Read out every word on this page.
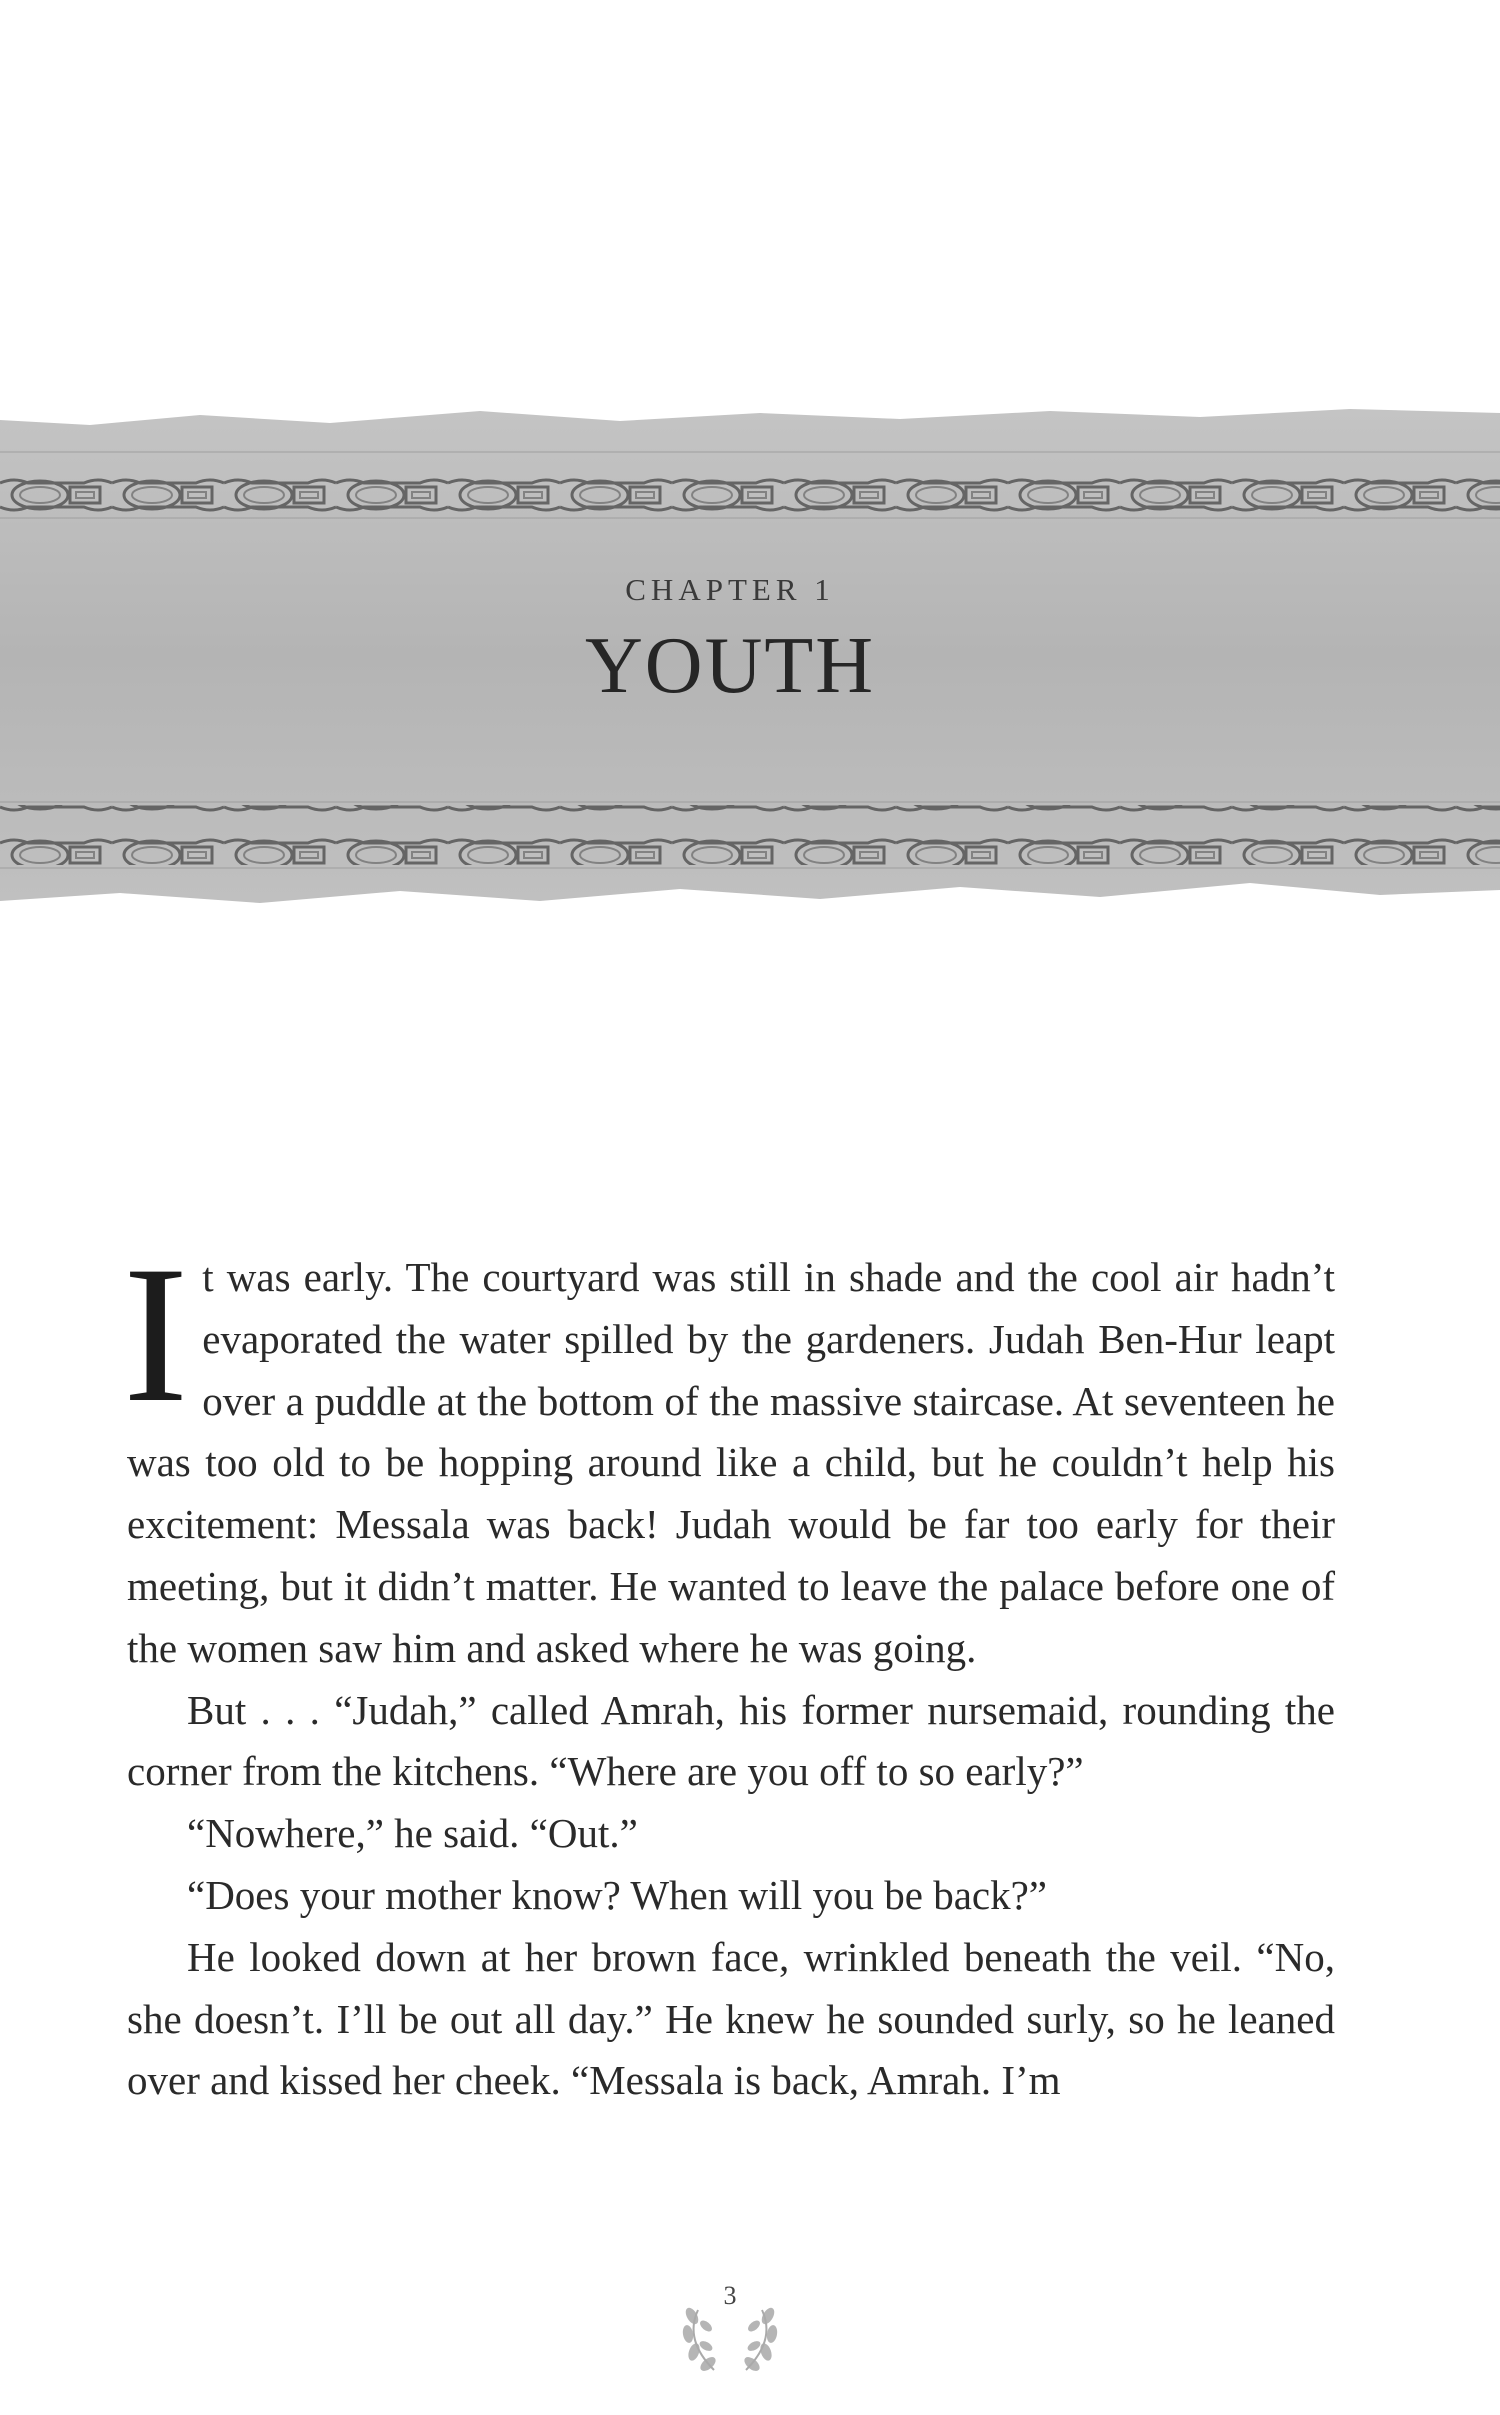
CHAPTER 1
YOUTH

It was early. The courtyard was still in shade and the cool air hadn’t evaporated the water spilled by the gardeners. Judah Ben-Hur leapt over a puddle at the bottom of the massive staircase. At seventeen he was too old to be hopping around like a child, but he couldn’t help his excitement: Messala was back! Judah would be far too early for their meeting, but it didn’t matter. He wanted to leave the palace before one of the women saw him and asked where he was going.

But . . . “Judah,” called Amrah, his former nursemaid, rounding the corner from the kitchens. “Where are you off to so early?”

“Nowhere,” he said. “Out.”

“Does your mother know? When will you be back?”

He looked down at her brown face, wrinkled beneath the veil. “No, she doesn’t. I’ll be out all day.” He knew he sounded surly, so he leaned over and kissed her cheek. “Messala is back, Amrah. I’m

3
